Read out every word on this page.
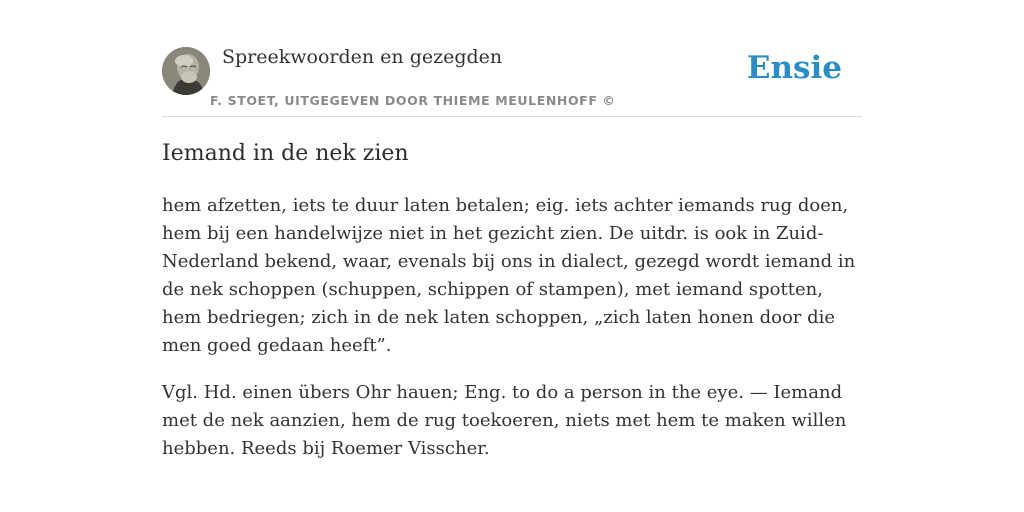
Spreekwoorden en gezegden
F. STOET, UITGEGEVEN DOOR THIEME MEULENHOFF ©
Ensie
Iemand in de nek zien

hem afzetten, iets te duur laten betalen; eig. iets achter iemands rug doen, hem bij een handelwijze niet in het gezicht zien. De uitdr. is ook in Zuid-Nederland bekend, waar, evenals bij ons in dialect, gezegd wordt iemand in de nek schoppen (schuppen, schippen of stampen), met iemand spotten, hem bedriegen; zich in de nek laten schoppen, „zich laten honen door die men goed gedaan heeft”.

Vgl. Hd. einen übers Ohr hauen; Eng. to do a person in the eye. — Iemand met de nek aanzien, hem de rug toekoeren, niets met hem te maken willen hebben. Reeds bij Roemer Visscher.
